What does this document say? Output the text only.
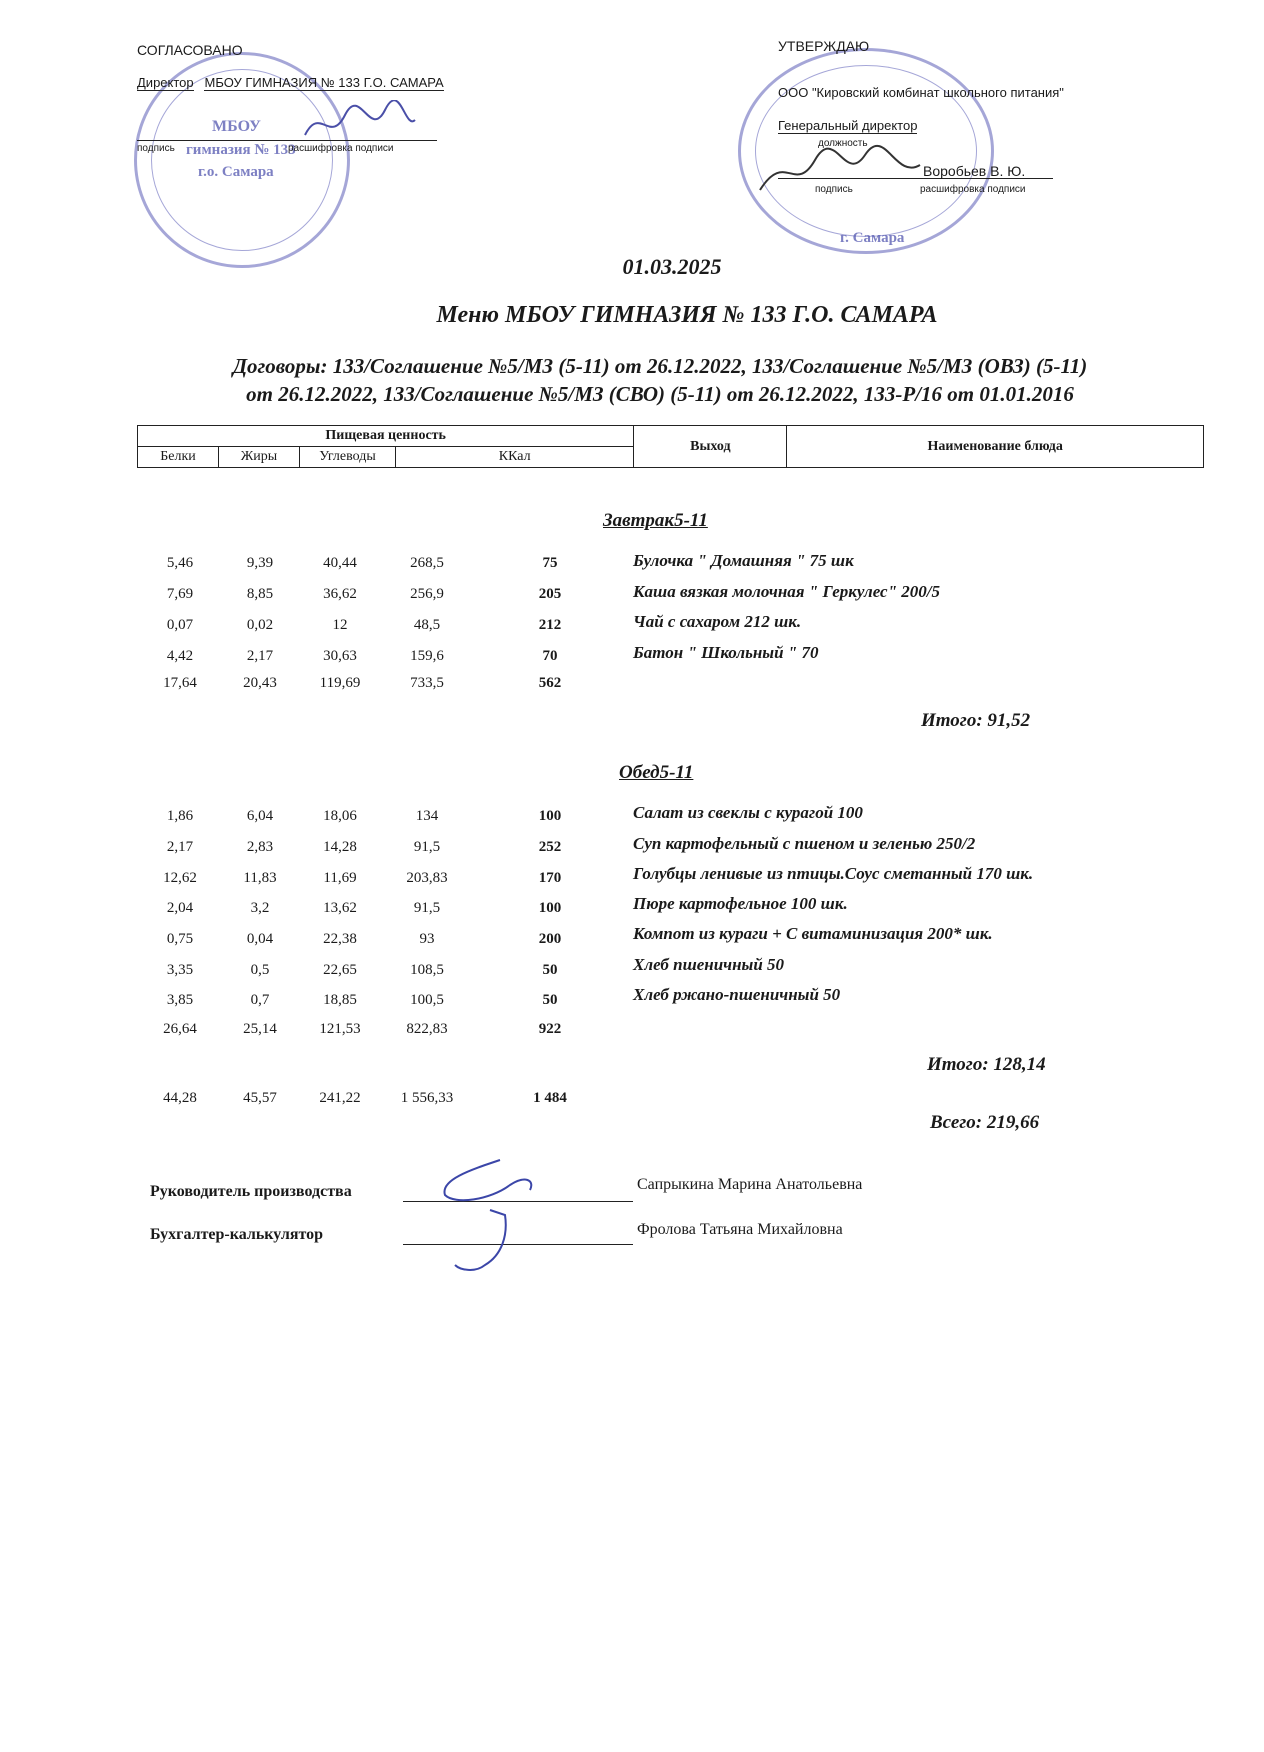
МБОУ
гимназия № 133
г.о. Самара
СОГЛАСОВАНО
Директор МБОУ ГИМНАЗИЯ № 133 Г.О. САМАРА
подпись	расшифровка подписи
г. Самара
УТВЕРЖДАЮ
ООО "Кировский комбинат школьного питания"
Генеральный директор
должность
Воробьев В. Ю.
подпись	расшифровка подписи
01.03.2025
Меню МБОУ ГИМНАЗИЯ № 133 Г.О. САМАРА
Договоры: 133/Соглашение №5/МЗ (5-11) от 26.12.2022, 133/Соглашение №5/МЗ (ОВЗ) (5-11)
от 26.12.2022, 133/Соглашение №5/МЗ (СВО) (5-11) от 26.12.2022, 133-Р/16 от 01.01.2016
Пищевая ценность				Выход	Наименование блюда
Белки	Жиры	Углеводы	ККал		
Завтрак5-11
5,46	9,39	40,44	268,5	75	Булочка " Домашняя " 75 шк
7,69	8,85	36,62	256,9	205	Каша вязкая молочная " Геркулес" 200/5
0,07	0,02	12	48,5	212	Чай с сахаром 212 шк.
4,42	2,17	30,63	159,6	70	Батон " Школьный " 70
17,64	20,43	119,69	733,5	562
Итого: 91,52
Обед5-11
1,86	6,04	18,06	134	100	Салат из свеклы с курагой 100
2,17	2,83	14,28	91,5	252	Суп картофельный с пшеном и зеленью 250/2
12,62	11,83	11,69	203,83	170	Голубцы ленивые из птицы.Соус сметанный 170 шк.
2,04	3,2	13,62	91,5	100	Пюре картофельное 100 шк.
0,75	0,04	22,38	93	200	Компот из кураги + С витаминизация 200* шк.
3,35	0,5	22,65	108,5	50	Хлеб пшеничный 50
3,85	0,7	18,85	100,5	50	Хлеб ржано-пшеничный 50
26,64	25,14	121,53	822,83	922
Итого: 128,14
44,28	45,57	241,22	1 556,33	1 484
Всего: 219,66
Руководитель производства	Сапрыкина Марина Анатольевна
Бухгалтер-калькулятор	Фролова Татьяна Михайловна
